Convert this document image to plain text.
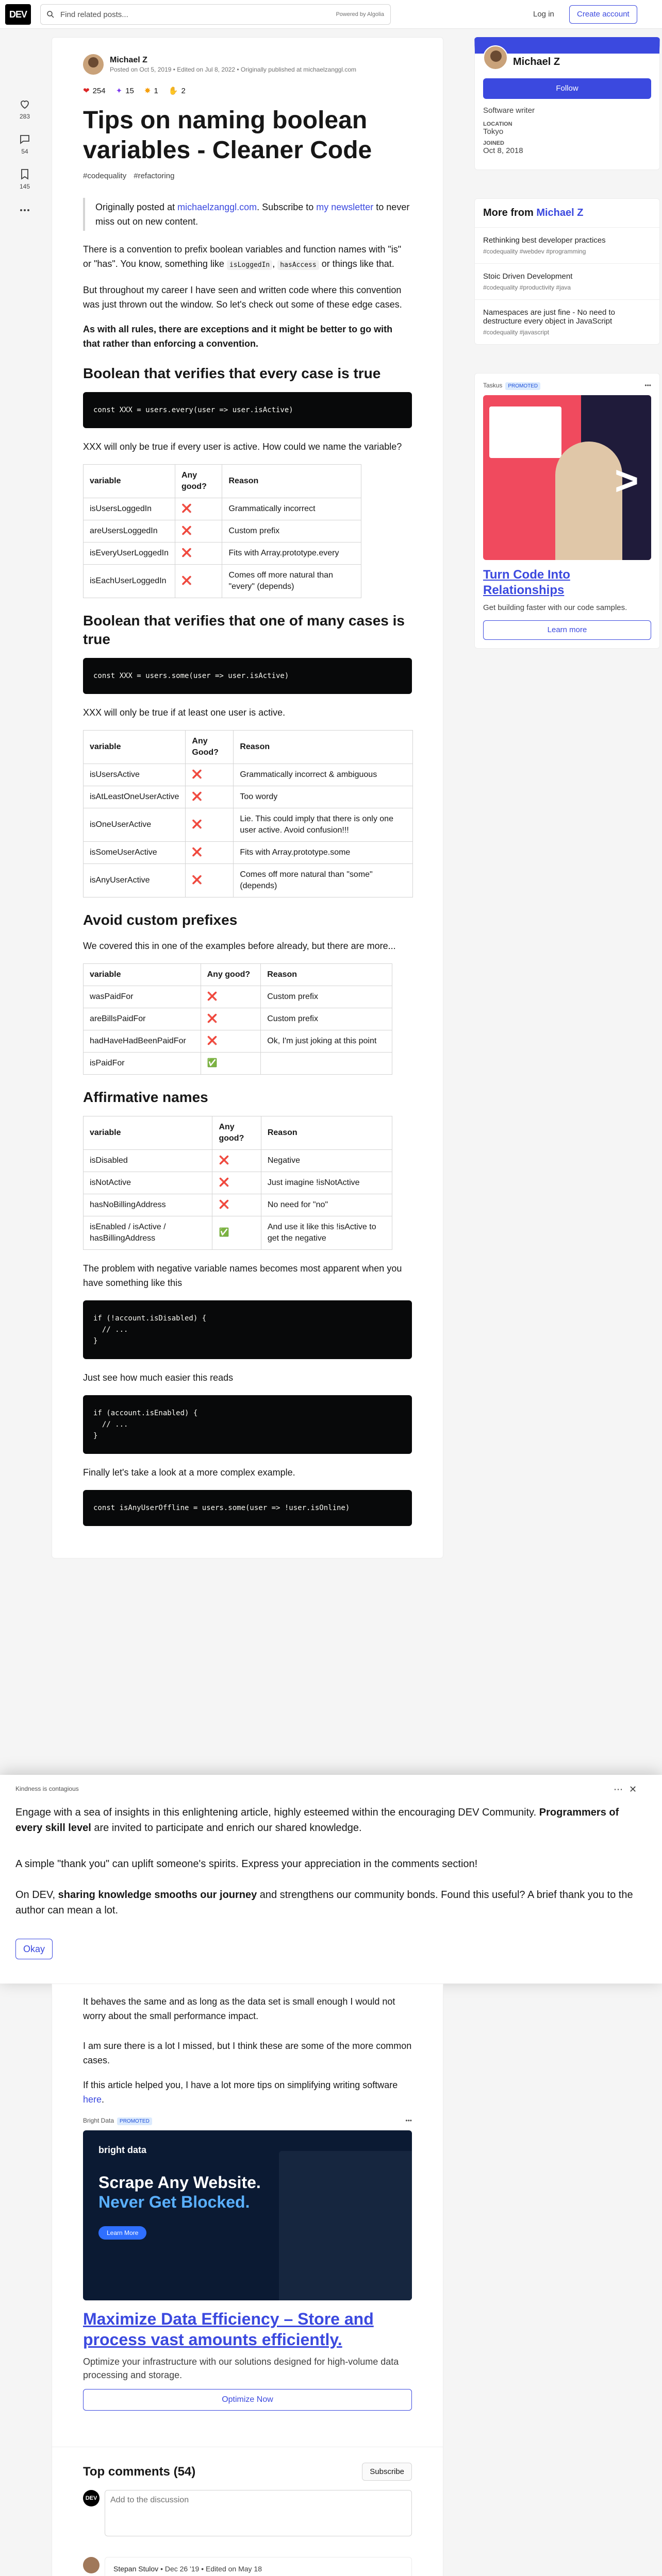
DEV	Find related posts...	Powered by Algolia	Log in	Create account
283
54
145
Michael Z
Posted on Oct 5, 2019 • Edited on Jul 8, 2022 • Originally published at michaelzanggl.com
❤ 254 ✦ 15 ✸ 1 ✋ 2
Tips on naming boolean variables - Cleaner Code
#codequality #refactoring
Originally posted at michaelzanggl.com. Subscribe to my newsletter to never miss out on new content.

There is a convention to prefix boolean variables and function names with "is" or "has". You know, something like isLoggedIn , hasAccess or things like that.

But throughout my career I have seen and written code where this convention was just thrown out the window. So let's check out some of these edge cases.

As with all rules, there are exceptions and it might be better to go with that rather than enforcing a convention.

Boolean that verifies that every case is true
const XXX = users.every(user => user.isActive)

XXX will only be true if every user is active. How could we name the variable?

variable	Any good?	Reason
isUsersLoggedIn	❌	Grammatically incorrect
areUsersLoggedIn	❌	Custom prefix
isEveryUserLoggedIn	❌	Fits with Array.prototype.every
isEachUserLoggedIn	❌	Comes off more natural than "every" (depends)
Boolean that verifies that one of many cases is true
const XXX = users.some(user => user.isActive)

XXX will only be true if at least one user is active.

variable	Any Good?	Reason
isUsersActive	❌	Grammatically incorrect & ambiguous
isAtLeastOneUserActive	❌	Too wordy
isOneUserActive	❌	Lie. This could imply that there is only one user active. Avoid confusion!!!
isSomeUserActive	❌	Fits with Array.prototype.some
isAnyUserActive	❌	Comes off more natural than "some" (depends)
Avoid custom prefixes

We covered this in one of the examples before already, but there are more...

variable	Any good?	Reason
wasPaidFor	❌	Custom prefix
areBillsPaidFor	❌	Custom prefix
hadHaveHadBeenPaidFor	❌	Ok, I'm just joking at this point
isPaidFor	✅	
Affirmative names
variable	Any good?	Reason
isDisabled	❌	Negative
isNotActive	❌	Just imagine !isNotActive
hasNoBillingAddress	❌	No need for "no"
isEnabled / isActive / hasBillingAddress	✅	And use it like this !isActive to get the negative

The problem with negative variable names becomes most apparent when you have something like this

if (!account.isDisabled) {
// ...
}

Just see how much easier this reads

if (account.isEnabled) {
// ...
}

Finally let's take a look at a more complex example.

const isAnyUserOffline = users.some(user => !user.isOnline)
Michael Z
Follow
Software writer
LOCATION
Tokyo
JOINED
Oct 8, 2018
More from Michael Z
Rethinking best developer practices
#codequality #webdev #programming
Stoic Driven Development
#codequality #productivity #java
Namespaces are just fine - No need to destructure every object in JavaScript
#codequality #javascript
Taskus PROMOTED	•••
>
Turn Code Into Relationships
Get building faster with our code samples.
Learn more
Kindness is contagious	⋯✕
Engage with a sea of insights in this enlightening article, highly esteemed within the encouraging DEV Community. Programmers of every skill level are invited to participate and enrich our shared knowledge.
A simple "thank you" can uplift someone's spirits. Express your appreciation in the comments section!
On DEV, sharing knowledge smooths our journey and strengthens our community bonds. Found this useful? A brief thank you to the author can mean a lot.
Okay

It behaves the same and as long as the data set is small enough I would not worry about the small performance impact.

I am sure there is a lot I missed, but I think these are some of the more common cases.

If this article helped you, I have a lot more tips on simplifying writing software here.

Bright Data PROMOTED	•••
bright data
Scrape Any Website.
Never Get Blocked.
Learn More
Maximize Data Efficiency – Store and process vast amounts efficiently.
Optimize your infrastructure with our solutions designed for high-volume data processing and storage.
Optimize Now
Top comments (54)	Subscribe
DEV	Add to the discussion
Stepan Stulov • Dec 26 '19 • Edited on May 18
